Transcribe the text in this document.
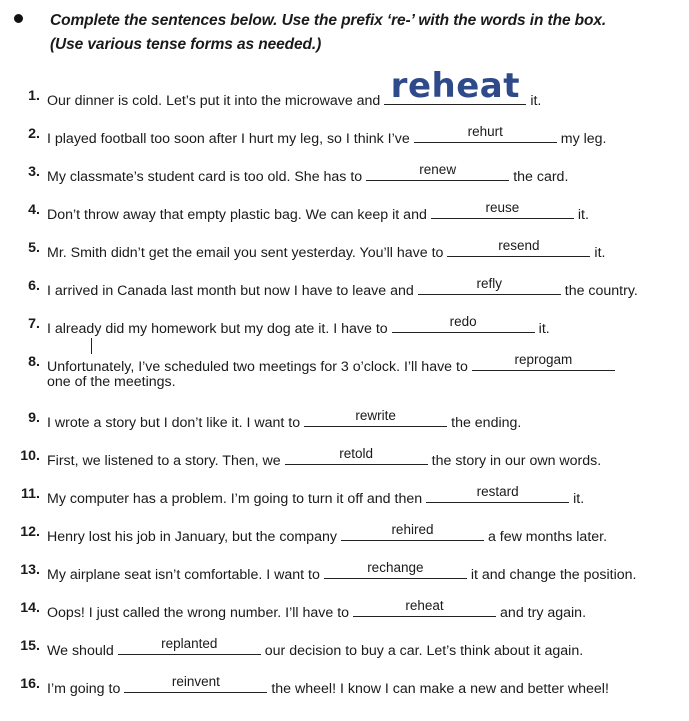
Complete the sentences below. Use the prefix ‘re-’ with the words in the box.
(Use various tense forms as needed.)
1. Our dinner is cold. Let’s put it into the microwave and reheat it.
2. I played football too soon after I hurt my leg, so I think I’ve	rehurt	my leg.
3. My classmate’s student card is too old. She has to	renew	the card.
4. Don’t throw away that empty plastic bag. We can keep it and	reuse	it.
5. Mr. Smith didn’t get the email you sent yesterday. You’ll have to	resend	it.
6. I arrived in Canada last month but now I have to leave and	refly	the country.
7. I already did my homework but my dog ate it. I have to	redo	it.
8. Unfortunately, I’ve scheduled two meetings for 3 o’clock. I’ll have to	reprogam
one of the meetings.
9. I wrote a story but I don’t like it. I want to	rewrite	the ending.
10. First, we listened to a story. Then, we	retold	the story in our own words.
11. My computer has a problem. I’m going to turn it off and then	restard	it.
12. Henry lost his job in January, but the company	rehired	a few months later.
13. My airplane seat isn’t comfortable. I want to	rechange	it and change the position.
14. Oops! I just called the wrong number. I’ll have to	reheat	and try again.
15. We should	replanted	our decision to buy a car. Let’s think about it again.
16. I’m going to	reinvent	the wheel! I know I can make a new and better wheel!
